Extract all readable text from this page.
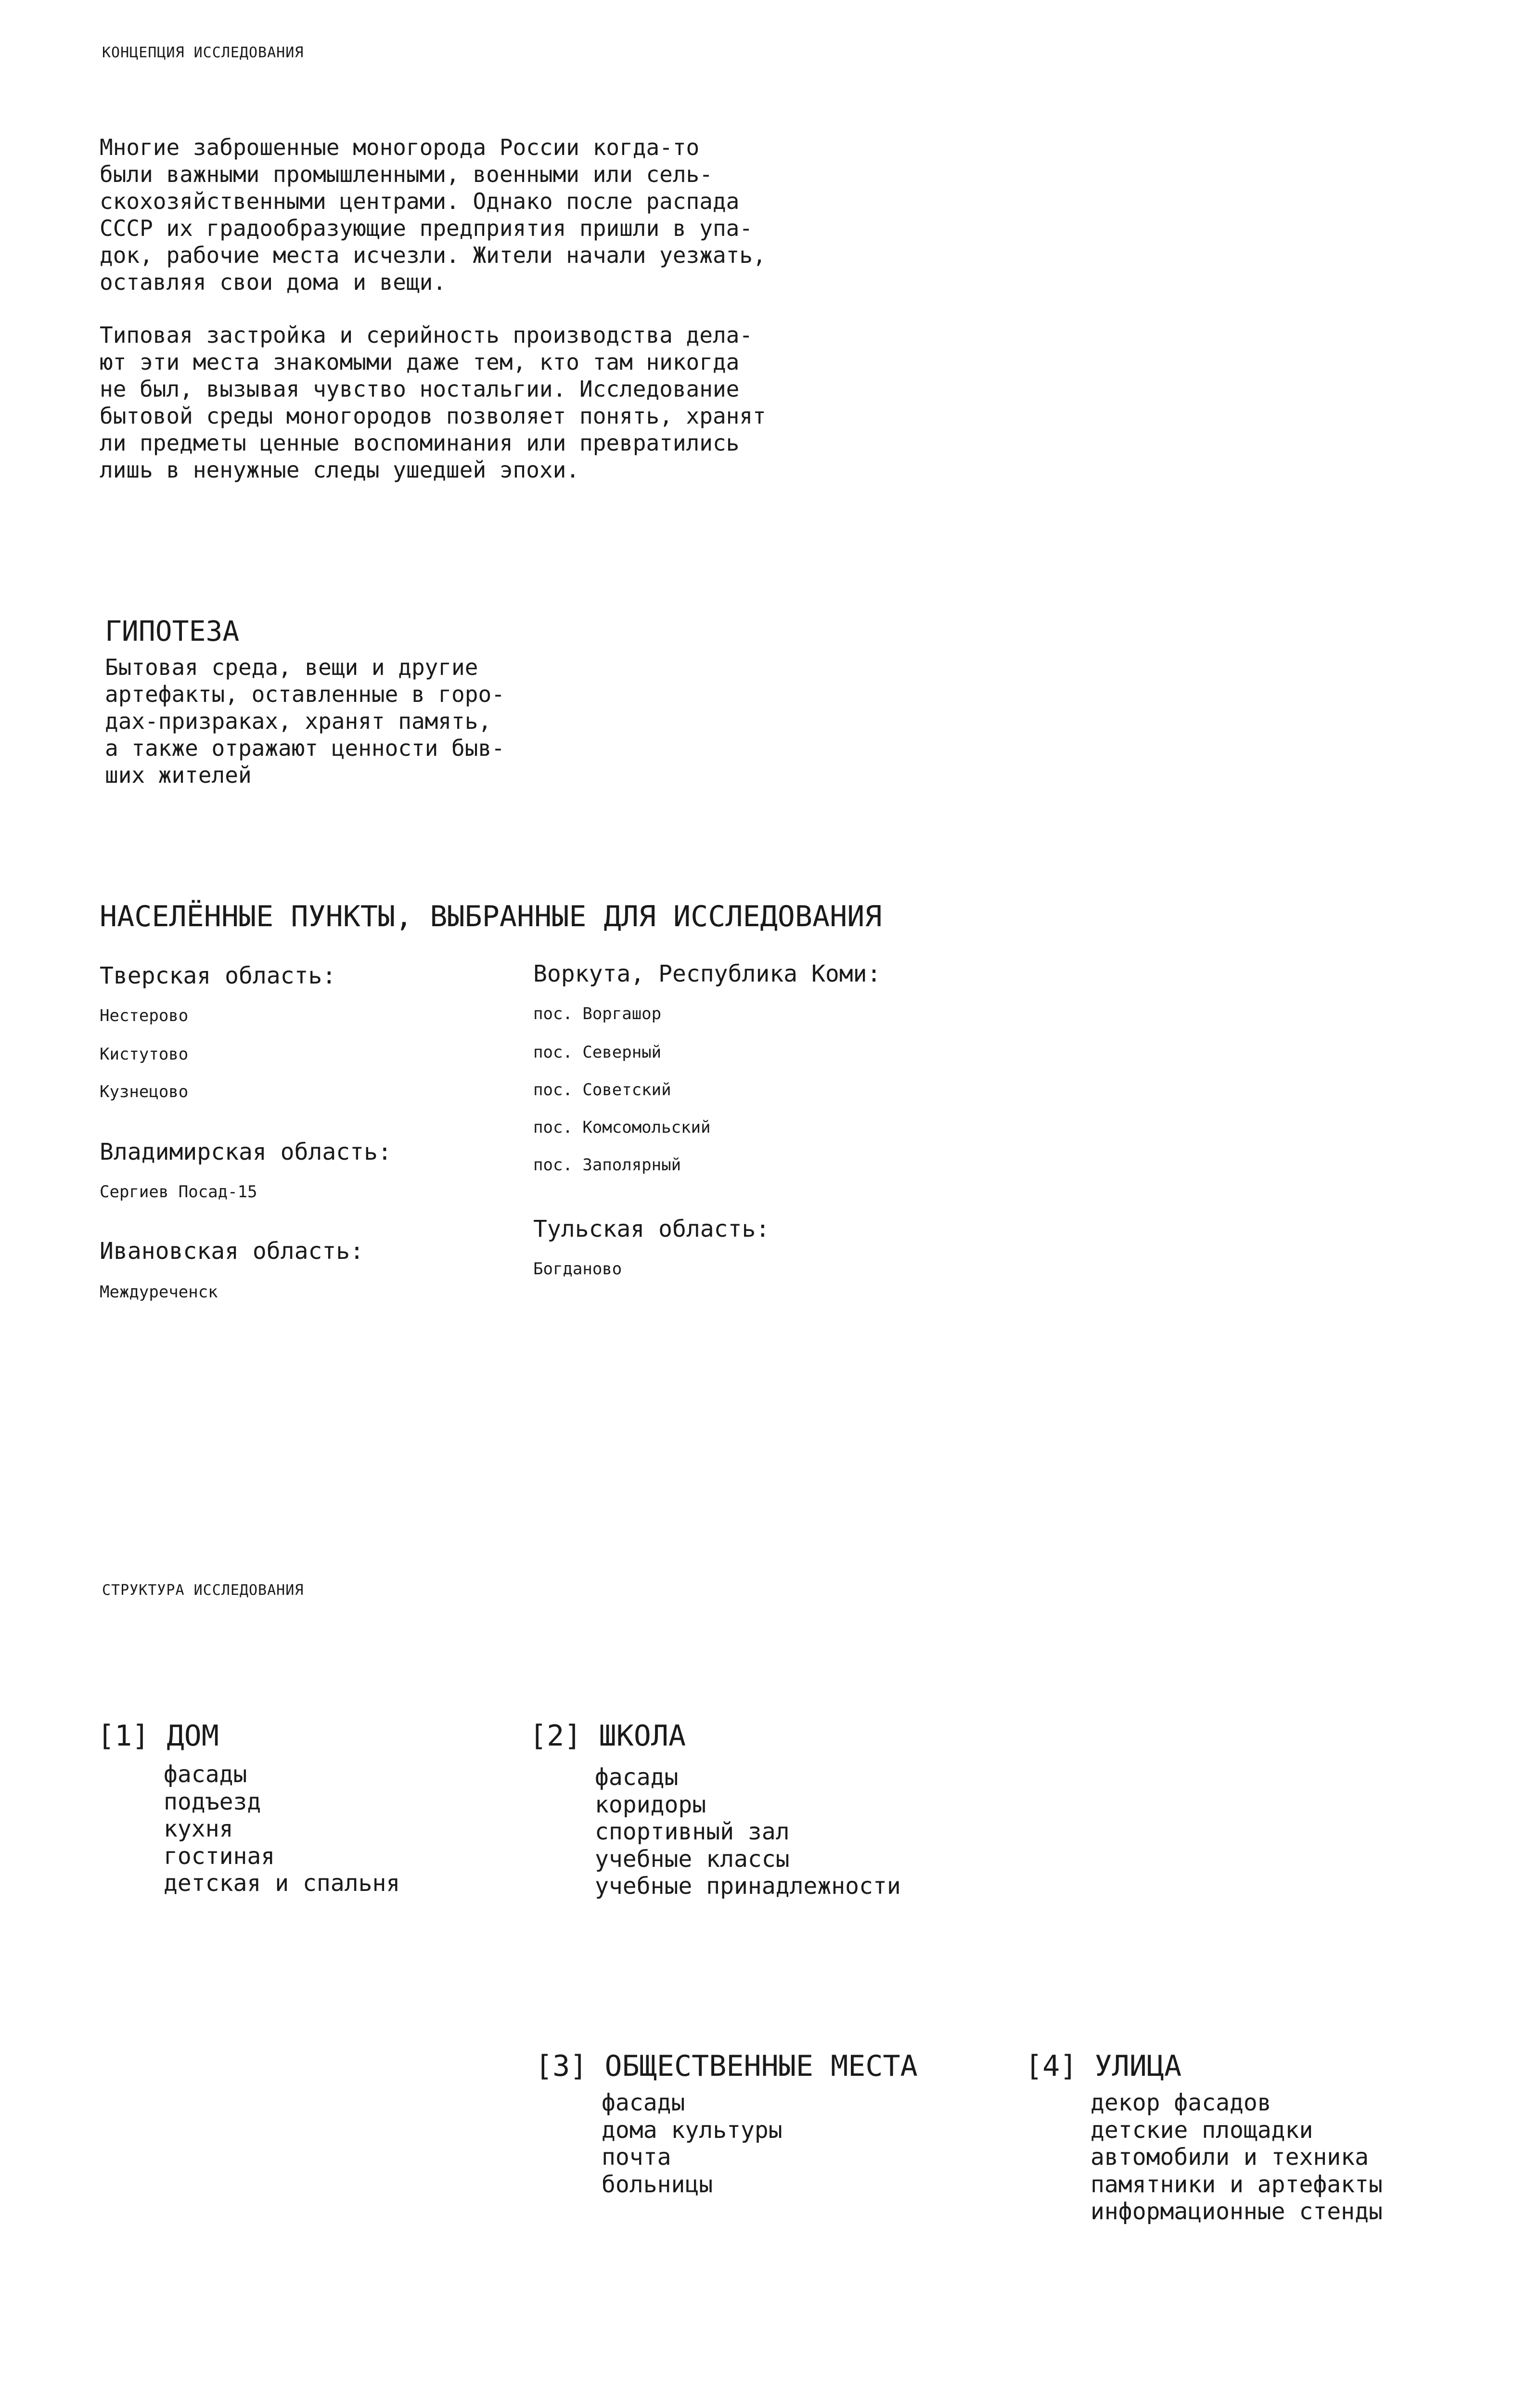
КОНЦЕПЦИЯ ИССЛЕДОВАНИЯ
Многие заброшенные моногорода России когда-то
были важными промышленными, военными или сель-
скохозяйственными центрами. Однако после распада
СССР их градообразующие предприятия пришли в упа-
док, рабочие места исчезли. Жители начали уезжать,
оставляя свои дома и вещи.
Типовая застройка и серийность производства дела-
ют эти места знакомыми даже тем, кто там никогда
не был, вызывая чувство ностальгии. Исследование
бытовой среды моногородов позволяет понять, хранят
ли предметы ценные воспоминания или превратились
лишь в ненужные следы ушедшей эпохи.
ГИПОТЕЗА
Бытовая среда, вещи и другие
артефакты, оставленные в горо-
дах-призраках, хранят память,
а также отражают ценности быв-
ших жителей
НАСЕЛЁННЫЕ ПУНКТЫ, ВЫБРАННЫЕ ДЛЯ ИССЛЕДОВАНИЯ
Тверская область:
Нестерово
Кистутово
Кузнецово
Владимирская область:
Сергиев Посад-15
Ивановская область:
Междуреченск
Воркута, Республика Коми:
пос. Воргашор
пос. Северный
пос. Советский
пос. Комсомольский
пос. Заполярный
Тульская область:
Богданово
СТРУКТУРА ИССЛЕДОВАНИЯ
[1] ДОМ
фасады
подъезд
кухня
гостиная
детская и спальня
[2] ШКОЛА
фасады
коридоры
спортивный зал
учебные классы
учебные принадлежности
[3] ОБЩЕСТВЕННЫЕ МЕСТА
фасады
дома культуры
почта
больницы
[4] УЛИЦА
декор фасадов
детские площадки
автомобили и техника
памятники и артефакты
информационные стенды
